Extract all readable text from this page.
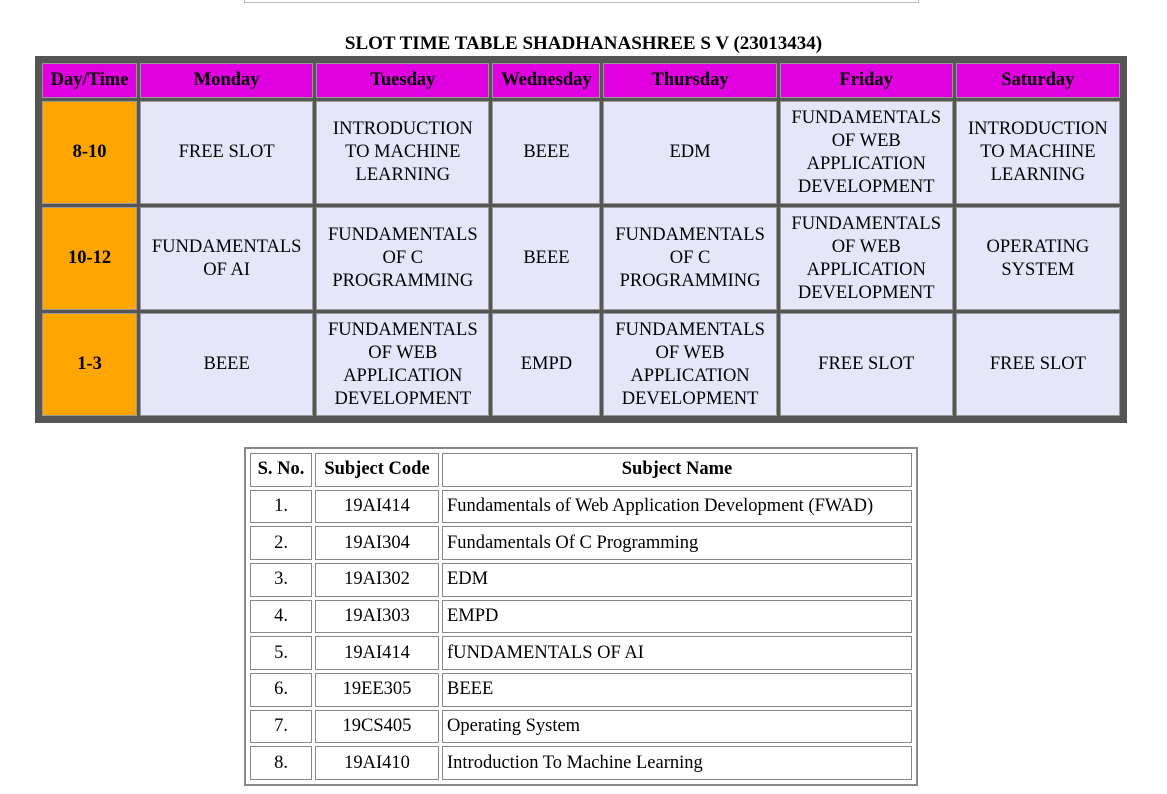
SLOT TIME TABLE SHADHANASHREE S V (23013434)
Day/Time	Monday	Tuesday	Wednesday	Thursday	Friday	Saturday
8-10	FREE SLOT	INTRODUCTION TO MACHINE LEARNING	BEEE	EDM	FUNDAMENTALS OF WEB APPLICATION DEVELOPMENT	INTRODUCTION TO MACHINE LEARNING
10-12	FUNDAMENTALS OF AI	FUNDAMENTALS OF C PROGRAMMING	BEEE	FUNDAMENTALS OF C PROGRAMMING	FUNDAMENTALS OF WEB APPLICATION DEVELOPMENT	OPERATING SYSTEM
1-3	BEEE	FUNDAMENTALS OF WEB APPLICATION DEVELOPMENT	EMPD	FUNDAMENTALS OF WEB APPLICATION DEVELOPMENT	FREE SLOT	FREE SLOT
S. No.	Subject Code	Subject Name
1.	19AI414	Fundamentals of Web Application Development (FWAD)
2.	19AI304	Fundamentals Of C Programming
3.	19AI302	EDM
4.	19AI303	EMPD
5.	19AI414	fUNDAMENTALS OF AI
6.	19EE305	BEEE
7.	19CS405	Operating System
8.	19AI410	Introduction To Machine Learning
